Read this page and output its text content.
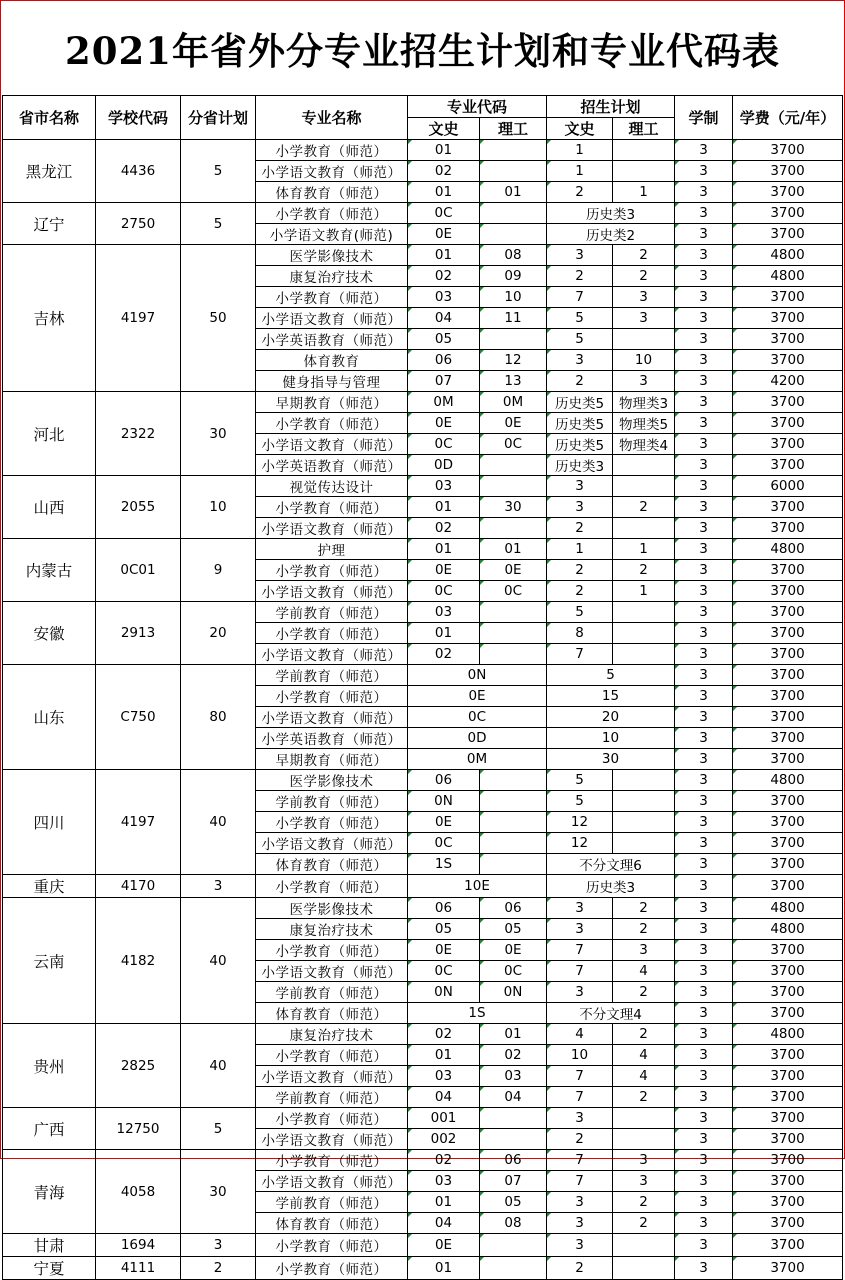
2021年省外分专业招生计划和专业代码表
省市名称	学校代码	分省计划	专业名称	专业代码		招生计划		学制	学费（元/年）
				文史	理工	文史	理工		
黑龙江	4436	5	小学教育（师范）	01		1		3	3700
			小学语文教育（师范）	02		1		3	3700
			体育教育（师范）	01	01	2	1	3	3700
辽宁	2750	5	小学教育（师范）	0C		历史类3		3	3700
			小学语文教育(师范)	0E		历史类2		3	3700
吉林	4197	50	医学影像技术	01	08	3	2	3	4800
			康复治疗技术	02	09	2	2	3	4800
			小学教育（师范）	03	10	7	3	3	3700
			小学语文教育（师范）	04	11	5	3	3	3700
			小学英语教育（师范）	05		5		3	3700
			体育教育	06	12	3	10	3	3700
			健身指导与管理	07	13	2	3	3	4200
河北	2322	30	早期教育（师范）	0M	0M	历史类5	物理类3	3	3700
			小学教育（师范）	0E	0E	历史类5	物理类5	3	3700
			小学语文教育（师范）	0C	0C	历史类5	物理类4	3	3700
			小学英语教育（师范）	0D		历史类3		3	3700
山西	2055	10	视觉传达设计	03		3		3	6000
			小学教育（师范）	01	30	3	2	3	3700
			小学语文教育（师范）	02		2		3	3700
内蒙古	0C01	9	护理	01	01	1	1	3	4800
			小学教育（师范）	0E	0E	2	2	3	3700
			小学语文教育（师范）	0C	0C	2	1	3	3700
安徽	2913	20	学前教育（师范）	03		5		3	3700
			小学教育（师范）	01		8		3	3700
			小学语文教育（师范）	02		7		3	3700
山东	C750	80	学前教育（师范）	0N		5		3	3700
			小学教育（师范）	0E		15		3	3700
			小学语文教育（师范）	0C		20		3	3700
			小学英语教育（师范）	0D		10		3	3700
			早期教育（师范）	0M		30		3	3700
四川	4197	40	医学影像技术	06		5		3	4800
			学前教育（师范）	0N		5		3	3700
			小学教育（师范）	0E		12		3	3700
			小学语文教育（师范）	0C		12		3	3700
			体育教育（师范）	1S		不分文理6		3	3700
重庆	4170	3	小学教育（师范）	10E		历史类3		3	3700
云南	4182	40	医学影像技术	06	06	3	2	3	4800
			康复治疗技术	05	05	3	2	3	4800
			小学教育（师范）	0E	0E	7	3	3	3700
			小学语文教育（师范）	0C	0C	7	4	3	3700
			学前教育（师范）	0N	0N	3	2	3	3700
			体育教育（师范）	1S		不分文理4		3	3700
贵州	2825	40	康复治疗技术	02	01	4	2	3	4800
			小学教育（师范）	01	02	10	4	3	3700
			小学语文教育（师范）	03	03	7	4	3	3700
			学前教育（师范）	04	04	7	2	3	3700
广西	12750	5	小学教育（师范）	001		3		3	3700
			小学语文教育（师范）	002		2		3	3700
青海	4058	30	小学教育（师范）	02	06	7	3	3	3700
			小学语文教育（师范）	03	07	7	3	3	3700
			学前教育（师范）	01	05	3	2	3	3700
			体育教育（师范）	04	08	3	2	3	3700
甘肃	1694	3	小学教育（师范）	0E		3		3	3700
宁夏	4111	2	小学教育（师范）	01		2		3	3700
